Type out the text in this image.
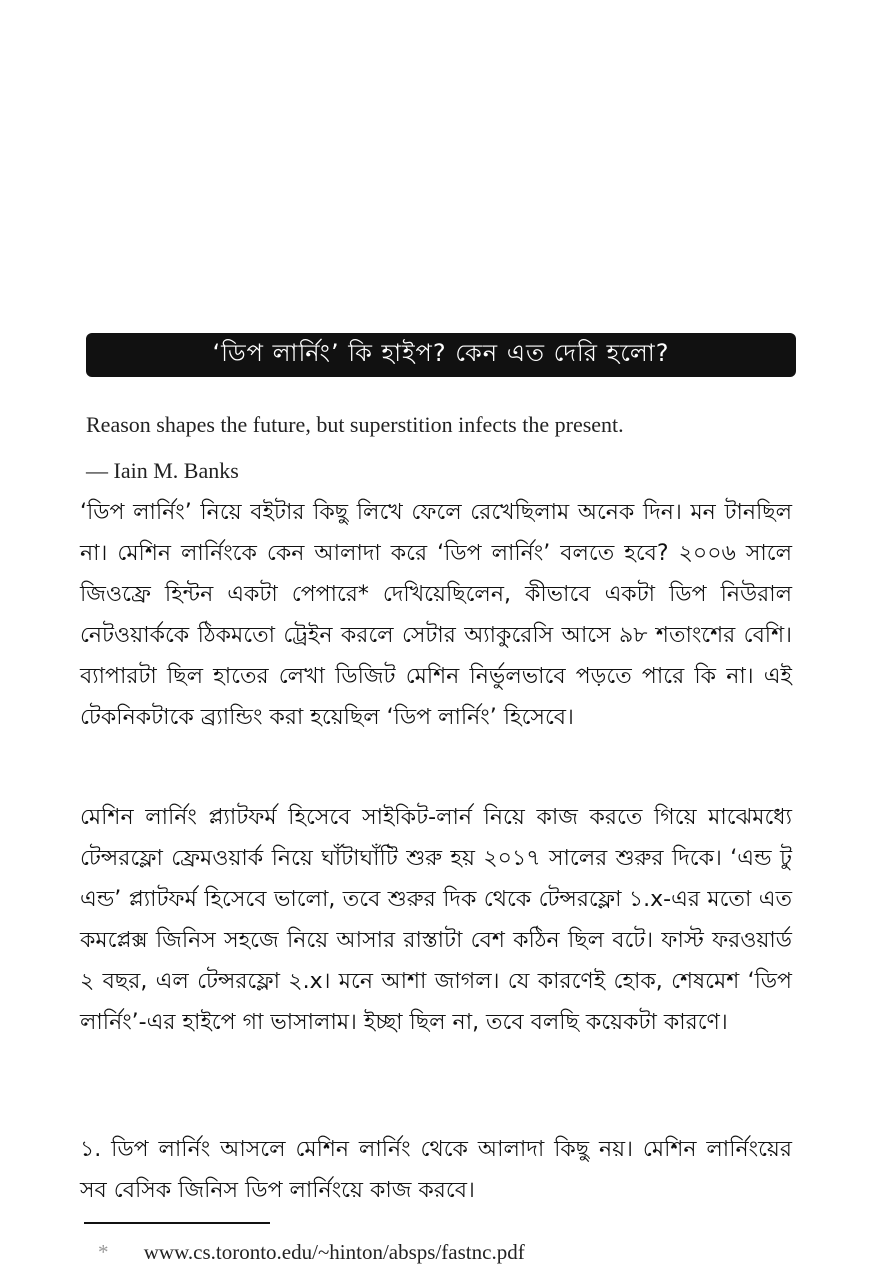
‘ডিপ লার্নিং’ কি হাইপ? কেন এত দেরি হলো?
Reason shapes the future, but superstition infects the present.
— Iain M. Banks
‘ডিপ লার্নিং’ নিয়ে বইটার কিছু লিখে ফেলে রেখেছিলাম অনেক দিন। মন টানছিল না। মেশিন লার্নিংকে কেন আলাদা করে ‘ডিপ লার্নিং’ বলতে হবে? ২০০৬ সালে জিওফ্রে হিন্টন একটা পেপারে* দেখিয়েছিলেন, কীভাবে একটা ডিপ নিউরাল নেটওয়ার্ককে ঠিকমতো ট্রেইন করলে সেটার অ্যাকুরেসি আসে ৯৮ শতাংশের বেশি। ব্যাপারটা ছিল হাতের লেখা ডিজিট মেশিন নির্ভুলভাবে পড়তে পারে কি না। এই টেকনিকটাকে ব্র্যান্ডিং করা হয়েছিল ‘ডিপ লার্নিং’ হিসেবে।
মেশিন লার্নিং প্ল্যাটফর্ম হিসেবে সাইকিট-লার্ন নিয়ে কাজ করতে গিয়ে মাঝেমধ্যে টেন্সরফ্লো ফ্রেমওয়ার্ক নিয়ে ঘাঁটাঘাঁটি শুরু হয় ২০১৭ সালের শুরুর দিকে। ‘এন্ড টু এন্ড’ প্ল্যাটফর্ম হিসেবে ভালো, তবে শুরুর দিক থেকে টেন্সরফ্লো ১.x-এর মতো এত কমপ্লেক্স জিনিস সহজে নিয়ে আসার রাস্তাটা বেশ কঠিন ছিল বটে। ফাস্ট ফরওয়ার্ড ২ বছর, এল টেন্সরফ্লো ২.x। মনে আশা জাগল। যে কারণেই হোক, শেষমেশ ‘ডিপ লার্নিং’-এর হাইপে গা ভাসালাম। ইচ্ছা ছিল না, তবে বলছি কয়েকটা কারণে।
১. ডিপ লার্নিং আসলে মেশিন লার্নিং থেকে আলাদা কিছু নয়। মেশিন লার্নিংয়ের সব বেসিক জিনিস ডিপ লার্নিংয়ে কাজ করবে।
* www.cs.toronto.edu/~hinton/absps/fastnc.pdf
